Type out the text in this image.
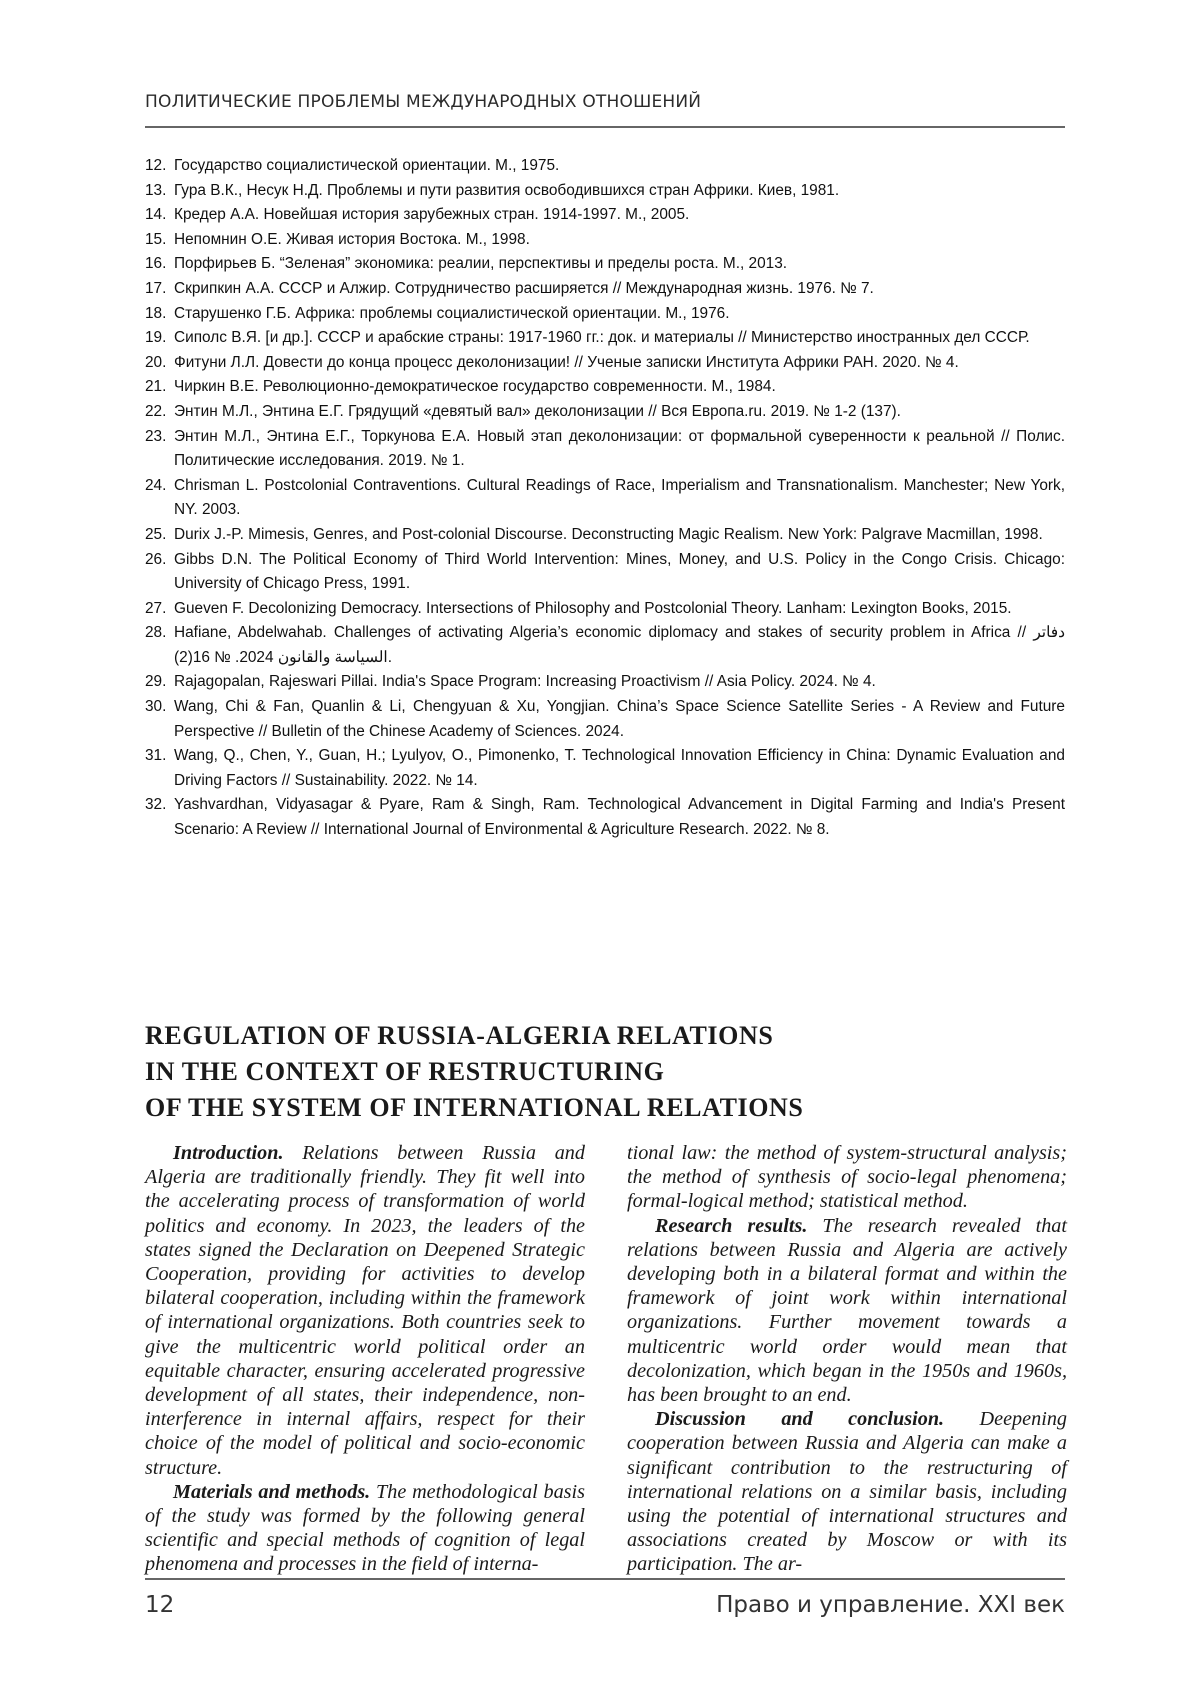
ПОЛИТИЧЕСКИЕ ПРОБЛЕМЫ МЕЖДУНАРОДНЫХ ОТНОШЕНИЙ
12. Государство социалистической ориентации. М., 1975.
13. Гура В.К., Несук Н.Д. Проблемы и пути развития освободившихся стран Африки. Киев, 1981.
14. Кредер А.А. Новейшая история зарубежных стран. 1914-1997. М., 2005.
15. Непомнин О.Е. Живая история Востока. М., 1998.
16. Порфирьев Б. “Зеленая” экономика: реалии, перспективы и пределы роста. М., 2013.
17. Скрипкин А.А. СССР и Алжир. Сотрудничество расширяется // Международная жизнь. 1976. № 7.
18. Старушенко Г.Б. Африка: проблемы социалистической ориентации. М., 1976.
19. Сиполс В.Я. [и др.]. СССР и арабские страны: 1917-1960 гг.: док. и материалы // Министерство иностранных дел СССР.
20. Фитуни Л.Л. Довести до конца процесс деколонизации! // Ученые записки Института Африки РАН. 2020. № 4.
21. Чиркин В.Е. Революционно-демократическое государство современности. М., 1984.
22. Энтин М.Л., Энтина Е.Г. Грядущий «девятый вал» деколонизации // Вся Европа.ru. 2019. № 1-2 (137).
23. Энтин М.Л., Энтина Е.Г., Торкунова Е.А. Новый этап деколонизации: от формальной суверенности к реальной // Полис. Политические исследования. 2019. № 1.
24. Chrisman L. Postcolonial Contraventions. Cultural Readings of Race, Imperialism and Transnationalism. Manchester; New York, NY. 2003.
25. Durix J.-P. Mimesis, Genres, and Post-colonial Discourse. Deconstructing Magic Realism. New York: Palgrave Macmillan, 1998.
26. Gibbs D.N. The Political Economy of Third World Intervention: Mines, Money, and U.S. Policy in the Congo Crisis. Chicago: University of Chicago Press, 1991.
27. Gueven F. Decolonizing Democracy. Intersections of Philosophy and Postcolonial Theory. Lanham: Lexington Books, 2015.
28. Hafiane, Abdelwahab. Challenges of activating Algeria’s economic diplomacy and stakes of security problem in Africa // دفاتر السياسة والقانون 2024. № 16(2).
29. Rajagopalan, Rajeswari Pillai. India's Space Program: Increasing Proactivism // Asia Policy. 2024. № 4.
30. Wang, Chi & Fan, Quanlin & Li, Chengyuan & Xu, Yongjian. China’s Space Science Satellite Series - A Review and Future Perspective // Bulletin of the Chinese Academy of Sciences. 2024.
31. Wang, Q., Chen, Y., Guan, H.; Lyulyov, O., Pimonenko, T. Technological Innovation Efficiency in China: Dynamic Evaluation and Driving Factors // Sustainability. 2022. № 14.
32. Yashvardhan, Vidyasagar & Pyare, Ram & Singh, Ram. Technological Advancement in Digital Farming and India's Present Scenario: A Review // International Journal of Environmental & Agriculture Research. 2022. № 8.
REGULATION OF RUSSIA-ALGERIA RELATIONS
IN THE CONTEXT OF RESTRUCTURING
OF THE SYSTEM OF INTERNATIONAL RELATIONS

Introduction. Relations between Russia and Algeria are traditionally friendly. They fit well into the accelerating process of transformation of world politics and economy. In 2023, the leaders of the states signed the Declaration on Deepened Strategic Cooperation, providing for activities to develop bilateral cooperation, including within the framework of international organizations. Both countries seek to give the multicentric world political order an equitable character, ensuring accelerated progressive development of all states, their independence, non-interference in internal affairs, respect for their choice of the model of political and socio-economic structure.

Materials and methods. The methodological basis of the study was formed by the following general scientific and special methods of cognition of legal phenomena and processes in the field of interna-

tional law: the method of system-structural analysis; the method of synthesis of socio-legal phenomena; formal-logical method; statistical method.

Research results. The research revealed that relations between Russia and Algeria are actively developing both in a bilateral format and within the framework of joint work within international organizations. Further movement towards a multicentric world order would mean that decolonization, which began in the 1950s and 1960s, has been brought to an end.

Discussion and conclusion. Deepening cooperation between Russia and Algeria can make a significant contribution to the restructuring of international relations on a similar basis, including using the potential of international structures and associations created by Moscow or with its participation. The ar-

12	Право и управление. XXI век
